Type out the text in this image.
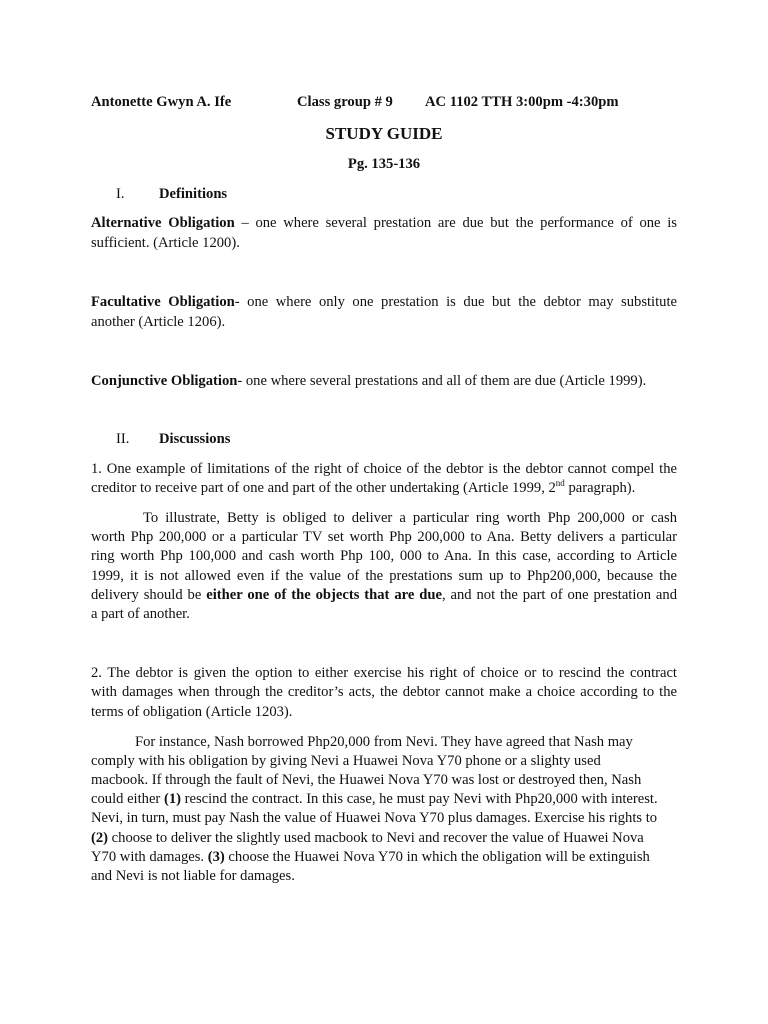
Antonette Gwyn A. Ife	Class group # 9 AC 1102 TTH 3:00pm -4:30pm
STUDY GUIDE
Pg. 135-136
I. Definitions
Alternative Obligation – one where several prestation are due but the performance of one is
sufficient. (Article 1200).
Facultative Obligation- one where only one prestation is due but the debtor may substitute
another (Article 1206).
Conjunctive Obligation- one where several prestations and all of them are due (Article 1999).
II. Discussions
1. One example of limitations of the right of choice of the debtor is the debtor cannot compel the
creditor to receive part of one and part of the other undertaking (Article 1999, 2nd paragraph).
To illustrate, Betty is obliged to deliver a particular ring worth Php 200,000 or cash
worth Php 200,000 or a particular TV set worth Php 200,000 to Ana. Betty delivers a particular
ring worth Php 100,000 and cash worth Php 100, 000 to Ana. In this case, according to Article
1999, it is not allowed even if the value of the prestations sum up to Php200,000, because the
delivery should be either one of the objects that are due, and not the part of one prestation and
a part of another.
2. The debtor is given the option to either exercise his right of choice or to rescind the contract
with damages when through the creditor’s acts, the debtor cannot make a choice according to the
terms of obligation (Article 1203).
For instance, Nash borrowed Php20,000 from Nevi. They have agreed that Nash may
comply with his obligation by giving Nevi a Huawei Nova Y70 phone or a slighty used
macbook. If through the fault of Nevi, the Huawei Nova Y70 was lost or destroyed then, Nash
could either (1) rescind the contract. In this case, he must pay Nevi with Php20,000 with interest.
Nevi, in turn, must pay Nash the value of Huawei Nova Y70 plus damages. Exercise his rights to
(2) choose to deliver the slightly used macbook to Nevi and recover the value of Huawei Nova
Y70 with damages. (3) choose the Huawei Nova Y70 in which the obligation will be extinguish
and Nevi is not liable for damages.
